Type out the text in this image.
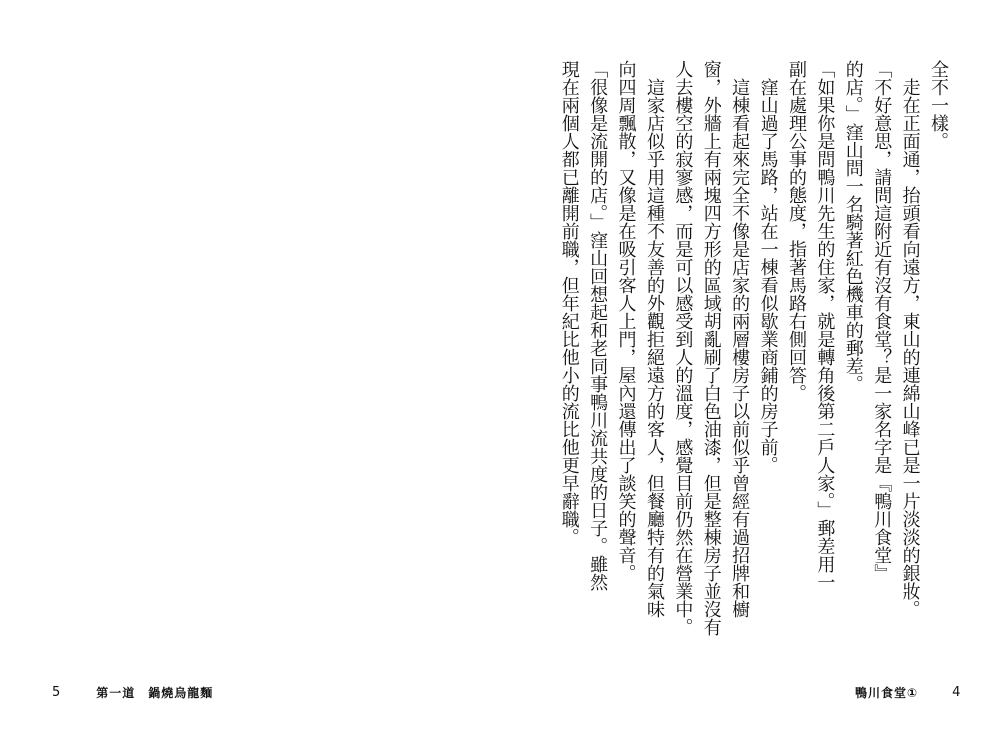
5	第一道　鍋燒烏龍麵
全不一樣。
　走在正面通，抬頭看向遠方，東山的連綿山峰已是一片淡淡的銀妝。
「不好意思，請問這附近有沒有食堂？是一家名字是『鴨川食堂』
的店。」窪山問一名騎著紅色機車的郵差。
「如果你是問鴨川先生的住家，就是轉角後第二戶人家。」郵差用一
副在處理公事的態度，指著馬路右側回答。
　窪山過了馬路，站在一棟看似歇業商鋪的房子前。
　這棟看起來完全不像是店家的兩層樓房子以前似乎曾經有過招牌和櫥
窗，外牆上有兩塊四方形的區域胡亂刷了白色油漆，但是整棟房子並沒有
人去樓空的寂寥感，而是可以感受到人的溫度，感覺目前仍然在營業中。
　這家店似乎用這種不友善的外觀拒絕遠方的客人，但餐廳特有的氣味
向四周飄散，又像是在吸引客人上門，屋內還傳出了談笑的聲音。
「很像是流開的店。」窪山回想起和老同事鴨川流共度的日子。雖然
現在兩個人都已離開前職，但年紀比他小的流比他更早辭職。
鴨川食堂①	4
